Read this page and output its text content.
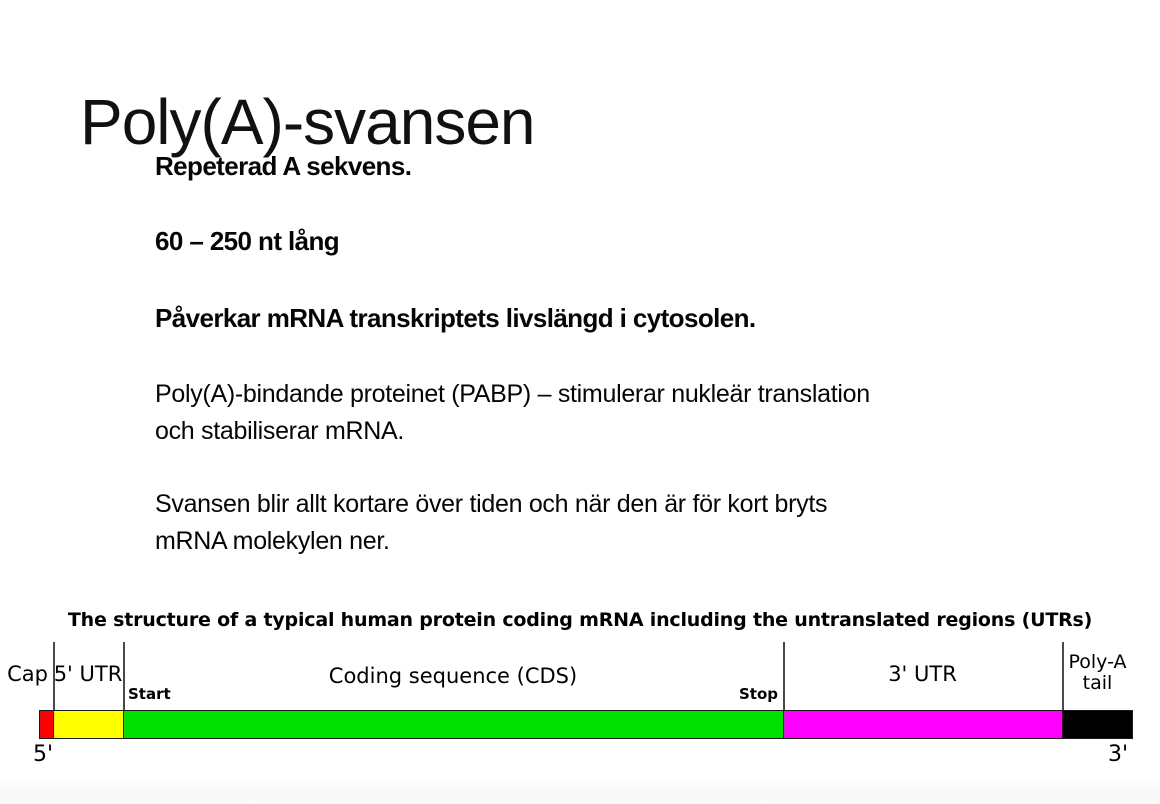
Poly(A)-svansen

Repeterad A sekvens.

60 – 250 nt lång

Påverkar mRNA transkriptets livslängd i cytosolen.

Poly(A)-bindande proteinet (PABP) – stimulerar nukleär translation
och stabiliserar mRNA.

Svansen blir allt kortare över tiden och när den är för kort bryts
mRNA molekylen ner.

The structure of a typical human protein coding mRNA including the untranslated regions (UTRs)
Cap 5' UTR	Coding sequence (CDS)	3' UTR	Poly-A
tail
Start	Stop
5'	3'
